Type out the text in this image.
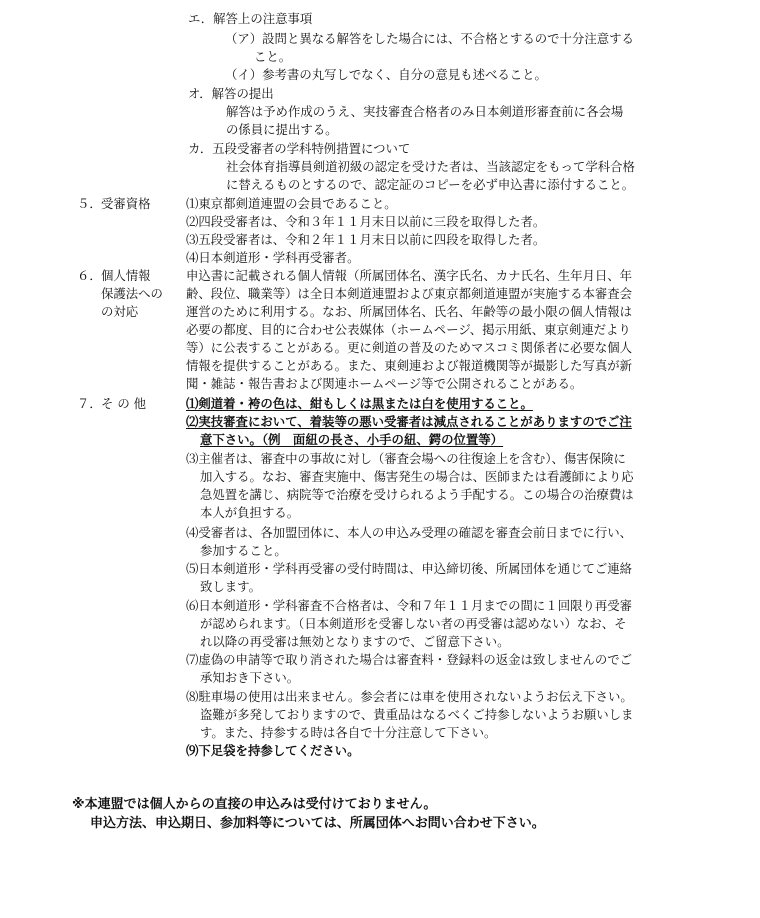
エ．解答上の注意事項
（ア）設問と異なる解答をした場合には、不合格とするので十分注意する
こと。
（イ）参考書の丸写しでなく、自分の意見も述べること。
オ．解答の提出
解答は予め作成のうえ、実技審査合格者のみ日本剣道形審査前に各会場
の係員に提出する。
カ．五段受審者の学科特例措置について
社会体育指導員剣道初級の認定を受けた者は、当該認定をもって学科合格
に替えるものとするので、認定証のコピーを必ず申込書に添付すること。
５． 受審資格	⑴東京都剣道連盟の会員であること。
⑵四段受審者は、令和３年１１月末日以前に三段を取得した者。
⑶五段受審者は、令和２年１１月末日以前に四段を取得した者。
⑷日本剣道形・学科再受審者。
６． 個人情報
保護法への
の対応
申込書に記載される個人情報（所属団体名、漢字氏名、カナ氏名、生年月日、年
齢、段位、職業等）は全日本剣道連盟および東京都剣道連盟が実施する本審査会
運営のために利用する。なお、所属団体名、氏名、年齢等の最小限の個人情報は
必要の都度、目的に合わせ公表媒体（ホームページ、掲示用紙、東京剣連だより
等）に公表することがある。更に剣道の普及のためマスコミ関係者に必要な個人
情報を提供することがある。また、東剣連および報道機関等が撮影した写真が新
聞・雑誌・報告書および関連ホームページ等で公開されることがある。
７． そ の 他	⑴剣道着・袴の色は、紺もしくは黒または白を使用すること。
⑵実技審査において、着装等の悪い受審者は減点されることがありますのでご注
意下さい。（例　面紐の長さ、小手の紐、鍔の位置等）
⑶主催者は、審査中の事故に対し（審査会場への往復途上を含む）、傷害保険に
加入する。なお、審査実施中、傷害発生の場合は、医師または看護師により応
急処置を講じ、病院等で治療を受けられるよう手配する。この場合の治療費は
本人が負担する。
⑷受審者は、各加盟団体に、本人の申込み受理の確認を審査会前日までに行い、
参加すること。
⑸日本剣道形・学科再受審の受付時間は、申込締切後、所属団体を通じてご連絡
致します。
⑹日本剣道形・学科審査不合格者は、令和７年１１月までの間に１回限り再受審
が認められます。（日本剣道形を受審しない者の再受審は認めない）なお、そ
れ以降の再受審は無効となりますので、ご留意下さい。
⑺虚偽の申請等で取り消された場合は審査料・登録料の返金は致しませんのでご
承知おき下さい。
⑻駐車場の使用は出来ません。参会者には車を使用されないようお伝え下さい。
盗難が多発しておりますので、貴重品はなるべくご持参しないようお願いしま
す。また、持参する時は各自で十分注意して下さい。
⑼下足袋を持参してください。
※本連盟では個人からの直接の申込みは受付けておりません。
申込方法、申込期日、参加料等については、所属団体へお問い合わせ下さい。
